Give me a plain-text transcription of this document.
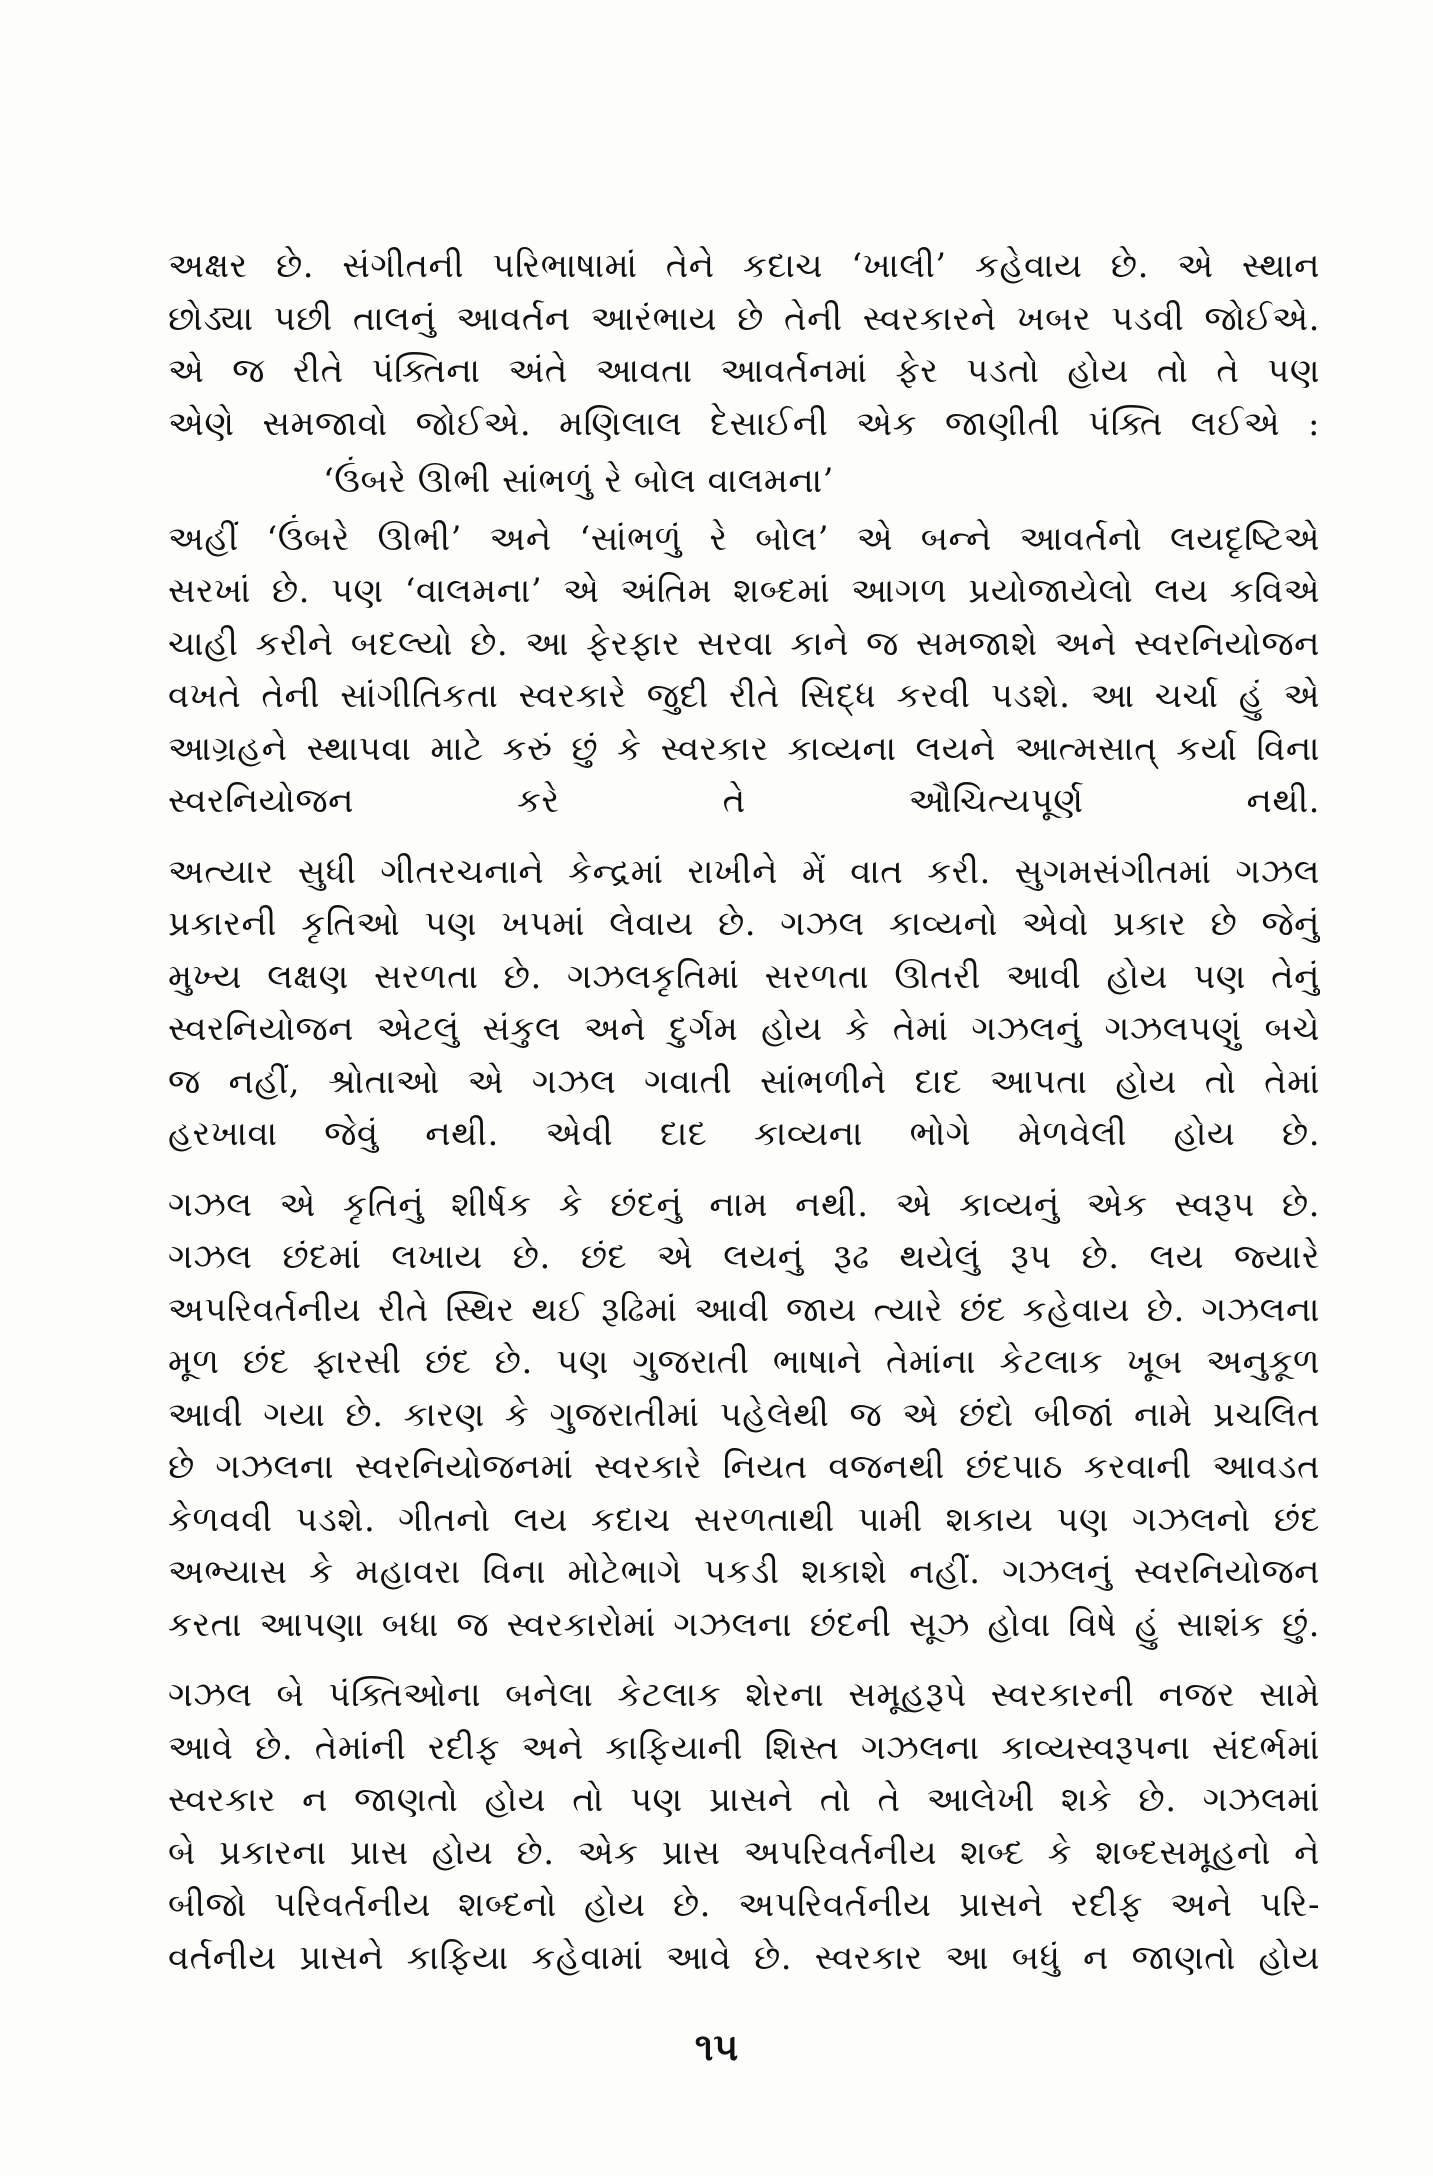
અક્ષર છે. સંગીતની પરિભાષામાં તેને કદાચ ‘ખાલી’ કહેવાય છે. એ સ્થાન
છોડ્યા પછી તાલનું આવર્તન આરંભાય છે તેની સ્વરકારને ખબર પડવી જોઈએ.
એ જ રીતે પંક્તિના અંતે આવતા આવર્તનમાં ફેર પડતો હોય તો તે પણ
એણે સમજાવો જોઈએ. મણિલાલ દેસાઈની એક જાણીતી પંક્તિ લઈએ :

‘ઉંબરે ઊભી સાંભળું રે બોલ વાલમના’

અહીં ‘ઉંબરે ઊભી’ અને ‘સાંભળું રે બોલ’ એ બન્ને આવર્તનો લયદૃષ્ટિએ
સરખાં છે. પણ ‘વાલમના’ એ અંતિમ શબ્દમાં આગળ પ્રયોજાયેલો લય કવિએ
ચાહી કરીને બદલ્યો છે. આ ફેરફાર સરવા કાને જ સમજાશે અને સ્વરનિયોજન
વખતે તેની સાંગીતિકતા સ્વરકારે જુદી રીતે સિદ્ધ કરવી પડશે. આ ચર્ચા હું એ
આગ્રહને સ્થાપવા માટે કરું છું કે સ્વરકાર કાવ્યના લયને આત્મસાત્ કર્યા વિના
સ્વરનિયોજન કરે તે ઔચિત્યપૂર્ણ નથી.

અત્યાર સુધી ગીતરચનાને કેન્દ્રમાં રાખીને મેં વાત કરી. સુગમસંગીતમાં ગઝલ
પ્રકારની કૃતિઓ પણ ખપમાં લેવાય છે. ગઝલ કાવ્યનો એવો પ્રકાર છે જેનું
મુખ્ય લક્ષણ સરળતા છે. ગઝલકૃતિમાં સરળતા ઊતરી આવી હોય પણ તેનું
સ્વરનિયોજન એટલું સંકુલ અને દુર્ગમ હોય કે તેમાં ગઝલનું ગઝલપણું બચે
જ નહીં, શ્રોતાઓ એ ગઝલ ગવાતી સાંભળીને દાદ આપતા હોય તો તેમાં
હરખાવા જેવું નથી. એવી દાદ કાવ્યના ભોગે મેળવેલી હોય છે.

ગઝલ એ કૃતિનું શીર્ષક કે છંદનું નામ નથી. એ કાવ્યનું એક સ્વરૂપ છે.
ગઝલ છંદમાં લખાય છે. છંદ એ લયનું રૂઢ થયેલું રૂપ છે. લય જ્યારે
અપરિવર્તનીય રીતે સ્થિર થઈ રૂઢિમાં આવી જાય ત્યારે છંદ કહેવાય છે. ગઝલના
મૂળ છંદ ફારસી છંદ છે. પણ ગુજરાતી ભાષાને તેમાંના કેટલાક ખૂબ અનુકૂળ
આવી ગયા છે. કારણ કે ગુજરાતીમાં પહેલેથી જ એ છંદો બીજાં નામે પ્રચલિત
છે ગઝલના સ્વરનિયોજનમાં સ્વરકારે નિયત વજનથી છંદપાઠ કરવાની આવડત
કેળવવી પડશે. ગીતનો લય કદાચ સરળતાથી પામી શકાય પણ ગઝલનો છંદ
અભ્યાસ કે મહાવરા વિના મોટેભાગે પકડી શકાશે નહીં. ગઝલનું સ્વરનિયોજન
કરતા આપણા બધા જ સ્વરકારોમાં ગઝલના છંદની સૂઝ હોવા વિષે હું સાશંક છું.

ગઝલ બે પંક્તિઓના બનેલા કેટલાક શેરના સમૂહરૂપે સ્વરકારની નજર સામે
આવે છે. તેમાંની રદીફ અને કાફિયાની શિસ્ત ગઝલના કાવ્યસ્વરૂપના સંદર્ભમાં
સ્વરકાર ન જાણતો હોય તો પણ પ્રાસને તો તે આલેખી શકે છે. ગઝલમાં
બે પ્રકારના પ્રાસ હોય છે. એક પ્રાસ અપરિવર્તનીય શબ્દ કે શબ્દસમૂહનો ને
બીજો પરિવર્તનીય શબ્દનો હોય છે. અપરિવર્તનીય પ્રાસને રદીફ અને પરિ-
વર્તનીય પ્રાસને કાફિયા કહેવામાં આવે છે. સ્વરકાર આ બધું ન જાણતો હોય

૧૫
